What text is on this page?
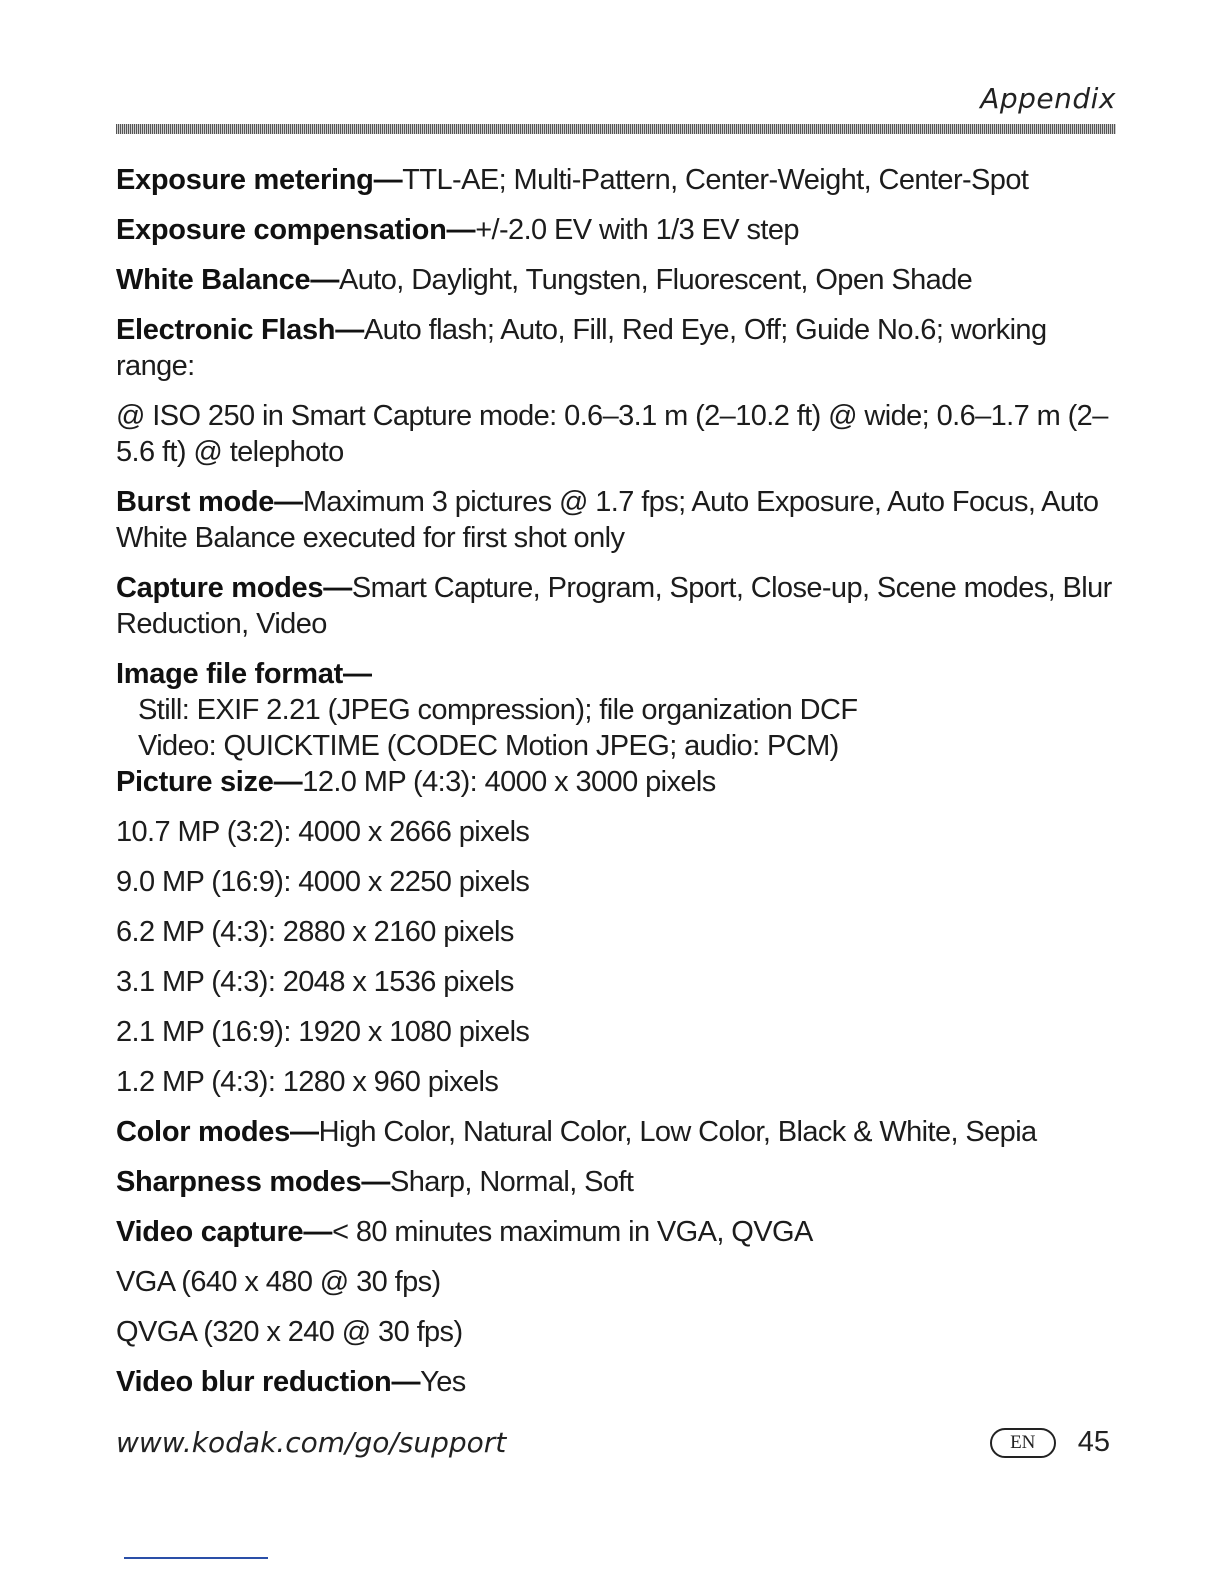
Appendix

Exposure metering—TTL-AE; Multi-Pattern, Center-Weight, Center-Spot

Exposure compensation—+/-2.0 EV with 1/3 EV step

White Balance—Auto, Daylight, Tungsten, Fluorescent, Open Shade

Electronic Flash—Auto flash; Auto, Fill, Red Eye, Off; Guide No.6; working range:

@ ISO 250 in Smart Capture mode: 0.6–3.1 m (2–10.2 ft) @ wide; 0.6–1.7 m (2–5.6 ft) @ telephoto

Burst mode—Maximum 3 pictures @ 1.7 fps; Auto Exposure, Auto Focus, Auto White Balance executed for first shot only

Capture modes—Smart Capture, Program, Sport, Close-up, Scene modes, Blur Reduction, Video

Image file format—

Still: EXIF 2.21 (JPEG compression); file organization DCF

Video: QUICKTIME (CODEC Motion JPEG; audio: PCM)

Picture size—12.0 MP (4:3): 4000 x 3000 pixels

10.7 MP (3:2): 4000 x 2666 pixels

9.0 MP (16:9): 4000 x 2250 pixels

6.2 MP (4:3): 2880 x 2160 pixels

3.1 MP (4:3): 2048 x 1536 pixels

2.1 MP (16:9): 1920 x 1080 pixels

1.2 MP (4:3): 1280 x 960 pixels

Color modes—High Color, Natural Color, Low Color, Black & White, Sepia

Sharpness modes—Sharp, Normal, Soft

Video capture—< 80 minutes maximum in VGA, QVGA

VGA (640 x 480 @ 30 fps)

QVGA (320 x 240 @ 30 fps)

Video blur reduction—Yes

www.kodak.com/go/support	EN	45
